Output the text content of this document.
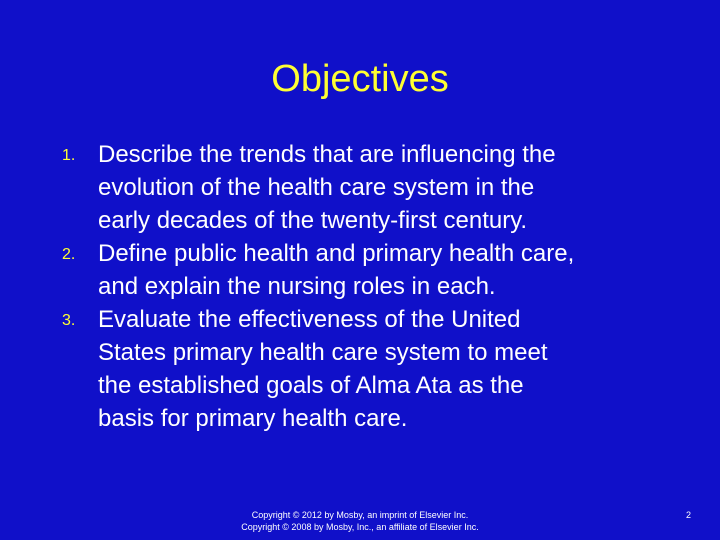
Objectives
1. Describe the trends that are influencing the
evolution of the health care system in the
early decades of the twenty-first century.
2. Define public health and primary health care,
and explain the nursing roles in each.
3. Evaluate the effectiveness of the United
States primary health care system to meet
the established goals of Alma Ata as the
basis for primary health care.
Copyright © 2012 by Mosby, an imprint of Elsevier Inc.
Copyright © 2008 by Mosby, Inc., an affiliate of Elsevier Inc.
2
